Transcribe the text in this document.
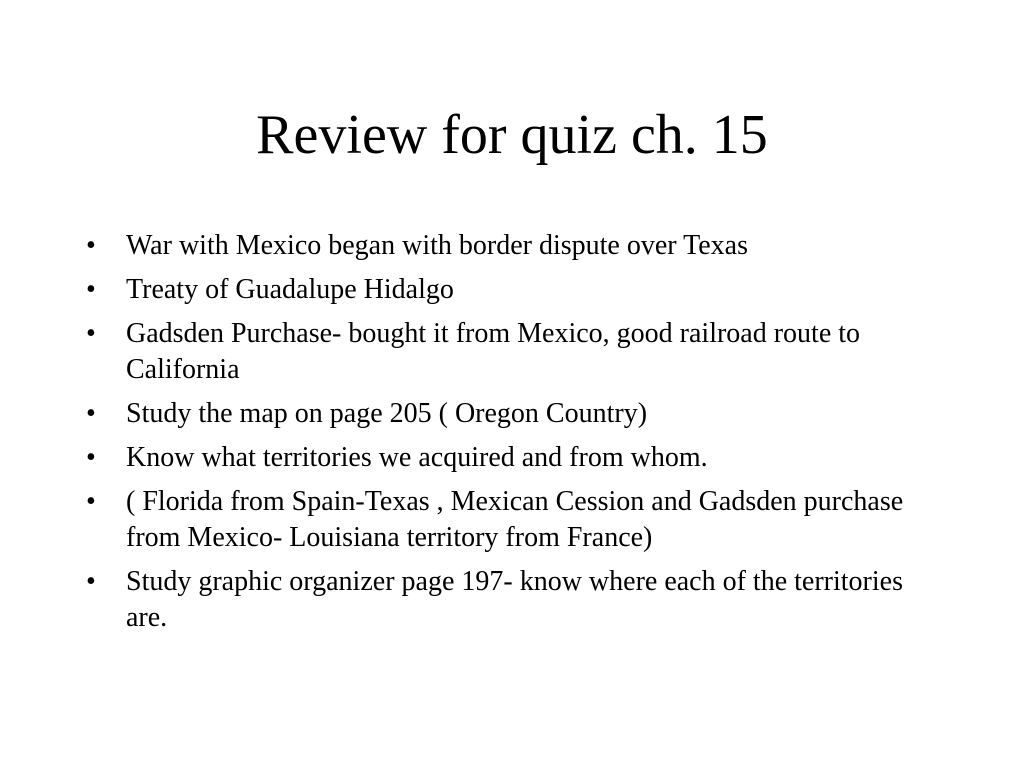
Review for quiz ch. 15
• War with Mexico began with border dispute over Texas
• Treaty of Guadalupe Hidalgo
• Gadsden Purchase- bought it from Mexico, good railroad route to California
• Study the map on page 205 ( Oregon Country)
• Know what territories we acquired and from whom.
• ( Florida from Spain-Texas , Mexican Cession and Gadsden purchase from Mexico- Louisiana territory from France)
• Study graphic organizer page 197- know where each of the territories are.
